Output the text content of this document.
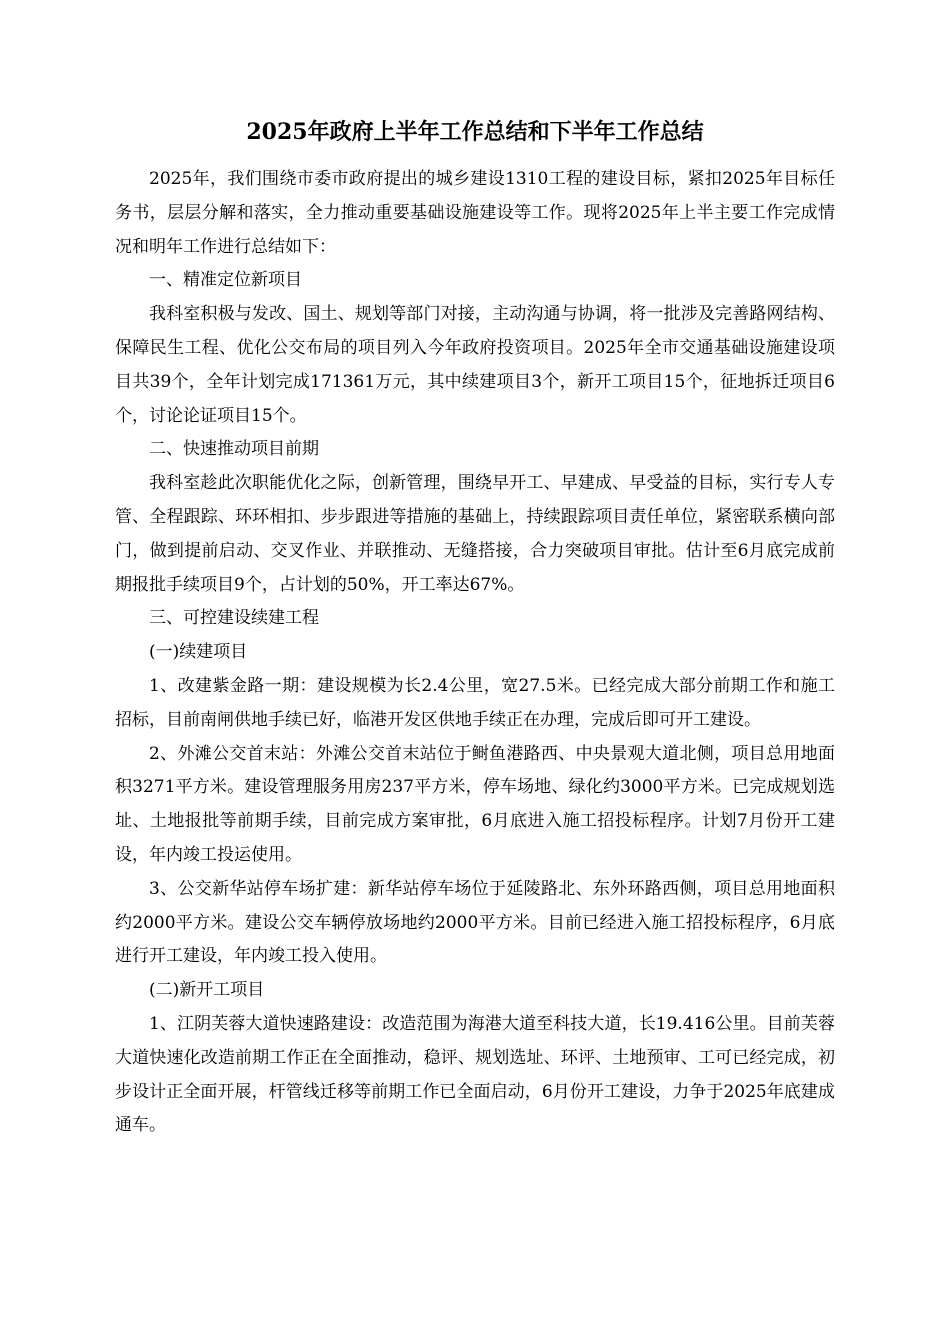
2025年政府上半年工作总结和下半年工作总结

2025年，我们围绕市委市政府提出的城乡建设1310工程的建设目标，紧扣2025年目标任务书，层层分解和落实，全力推动重要基础设施建设等工作。现将2025年上半主要工作完成情况和明年工作进行总结如下：

一、精准定位新项目

我科室积极与发改、国土、规划等部门对接，主动沟通与协调，将一批涉及完善路网结构、保障民生工程、优化公交布局的项目列入今年政府投资项目。2025年全市交通基础设施建设项目共39个，全年计划完成171361万元，其中续建项目3个，新开工项目15个，征地拆迁项目6个，讨论论证项目15个。

二、快速推动项目前期

我科室趁此次职能优化之际，创新管理，围绕早开工、早建成、早受益的目标，实行专人专管、全程跟踪、环环相扣、步步跟进等措施的基础上，持续跟踪项目责任单位，紧密联系横向部门，做到提前启动、交叉作业、并联推动、无缝搭接，合力突破项目审批。估计至6月底完成前期报批手续项目9个，占计划的50%，开工率达67%。

三、可控建设续建工程

(一)续建项目

1、改建紫金路一期：建设规模为长2.4公里，宽27.5米。已经完成大部分前期工作和施工招标，目前南闸供地手续已好，临港开发区供地手续正在办理，完成后即可开工建设。

2、外滩公交首末站：外滩公交首末站位于鲥鱼港路西、中央景观大道北侧，项目总用地面积3271平方米。建设管理服务用房237平方米，停车场地、绿化约3000平方米。已完成规划选址、土地报批等前期手续，目前完成方案审批，6月底进入施工招投标程序。计划7月份开工建设，年内竣工投运使用。

3、公交新华站停车场扩建：新华站停车场位于延陵路北、东外环路西侧，项目总用地面积约2000平方米。建设公交车辆停放场地约2000平方米。目前已经进入施工招投标程序，6月底进行开工建设，年内竣工投入使用。

(二)新开工项目

1、江阴芙蓉大道快速路建设：改造范围为海港大道至科技大道，长19.416公里。目前芙蓉大道快速化改造前期工作正在全面推动，稳评、规划选址、环评、土地预审、工可已经完成，初步设计正全面开展，杆管线迁移等前期工作已全面启动，6月份开工建设，力争于2025年底建成通车。
